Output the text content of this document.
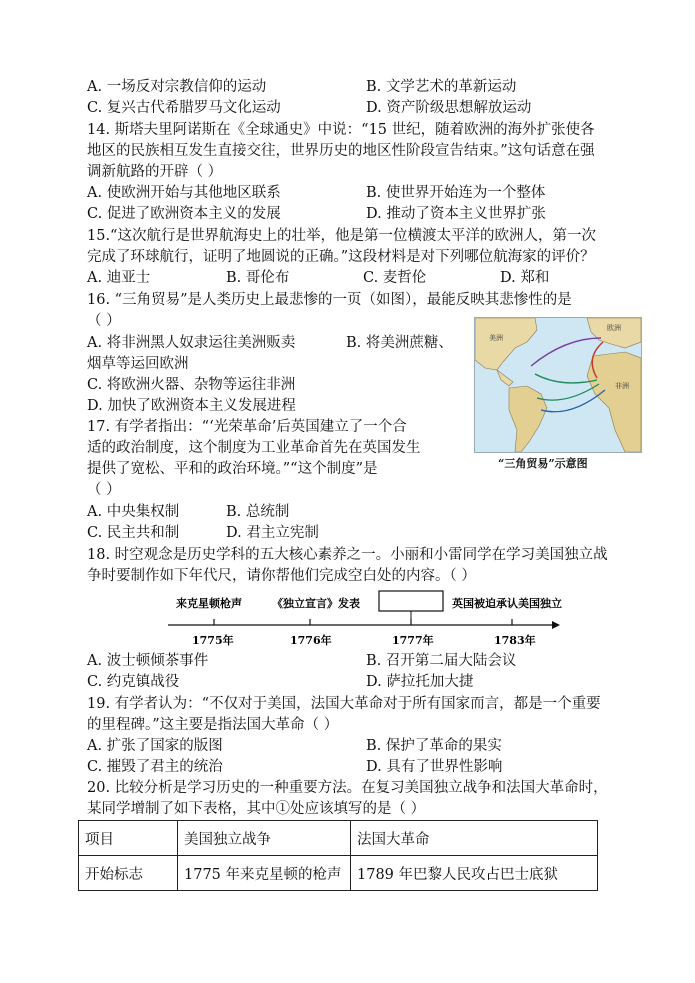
A. 一场反对宗教信仰的运动	B. 文学艺术的革新运动
C. 复兴古代希腊罗马文化运动	D. 资产阶级思想解放运动
14. 斯塔夫里阿诺斯在《全球通史》中说：“15 世纪，随着欧洲的海外扩张使各
地区的民族相互发生直接交往，世界历史的地区性阶段宣告结束。”这句话意在强
调新航路的开辟（ ）
A. 使欧洲开始与其他地区联系	B. 使世界开始连为一个整体
C. 促进了欧洲资本主义的发展	D. 推动了资本主义世界扩张
15.“这次航行是世界航海史上的壮举，他是第一位横渡太平洋的欧洲人，第一次
完成了环球航行，证明了地圆说的正确。”这段材料是对下列哪位航海家的评价？
A. 迪亚士	B. 哥伦布	C. 麦哲伦	D. 郑和
16. “三角贸易”是人类历史上最悲惨的一页（如图），最能反映其悲惨性的是
（ ）
A. 将非洲黑人奴隶运往美洲贩卖	B. 将美洲蔗糖、
烟草等运回欧洲
C. 将欧洲火器、杂物等运往非洲
D. 加快了欧洲资本主义发展进程
美洲
欧洲
非洲
“三角贸易”示意图
17. 有学者指出：“‘光荣革命’后英国建立了一个合
适的政治制度，这个制度为工业革命首先在英国发生
提供了宽松、平和的政治环境。”“这个制度”是
（ ）
A. 中央集权制	B. 总统制
C. 民主共和制	D. 君主立宪制
18. 时空观念是历史学科的五大核心素养之一。小丽和小雷同学在学习美国独立战
争时要制作如下年代尺，请你帮他们完成空白处的内容。（ ）
来克星顿枪声	《独立宣言》发表	英国被迫承认美国独立
1775年	1776年	1777年	1783年
A. 波士顿倾茶事件	B. 召开第二届大陆会议
C. 约克镇战役	D. 萨拉托加大捷
19. 有学者认为：“不仅对于美国，法国大革命对于所有国家而言，都是一个重要
的里程碑。”这主要是指法国大革命（ ）
A. 扩张了国家的版图	B. 保护了革命的果实
C. 摧毁了君主的统治	D. 具有了世界性影响
20. 比较分析是学习历史的一种重要方法。在复习美国独立战争和法国大革命时，
某同学增制了如下表格，其中①处应该填写的是（ ）
项目	美国独立战争	法国大革命
开始标志	1775 年来克星顿的枪声	1789 年巴黎人民攻占巴士底狱
